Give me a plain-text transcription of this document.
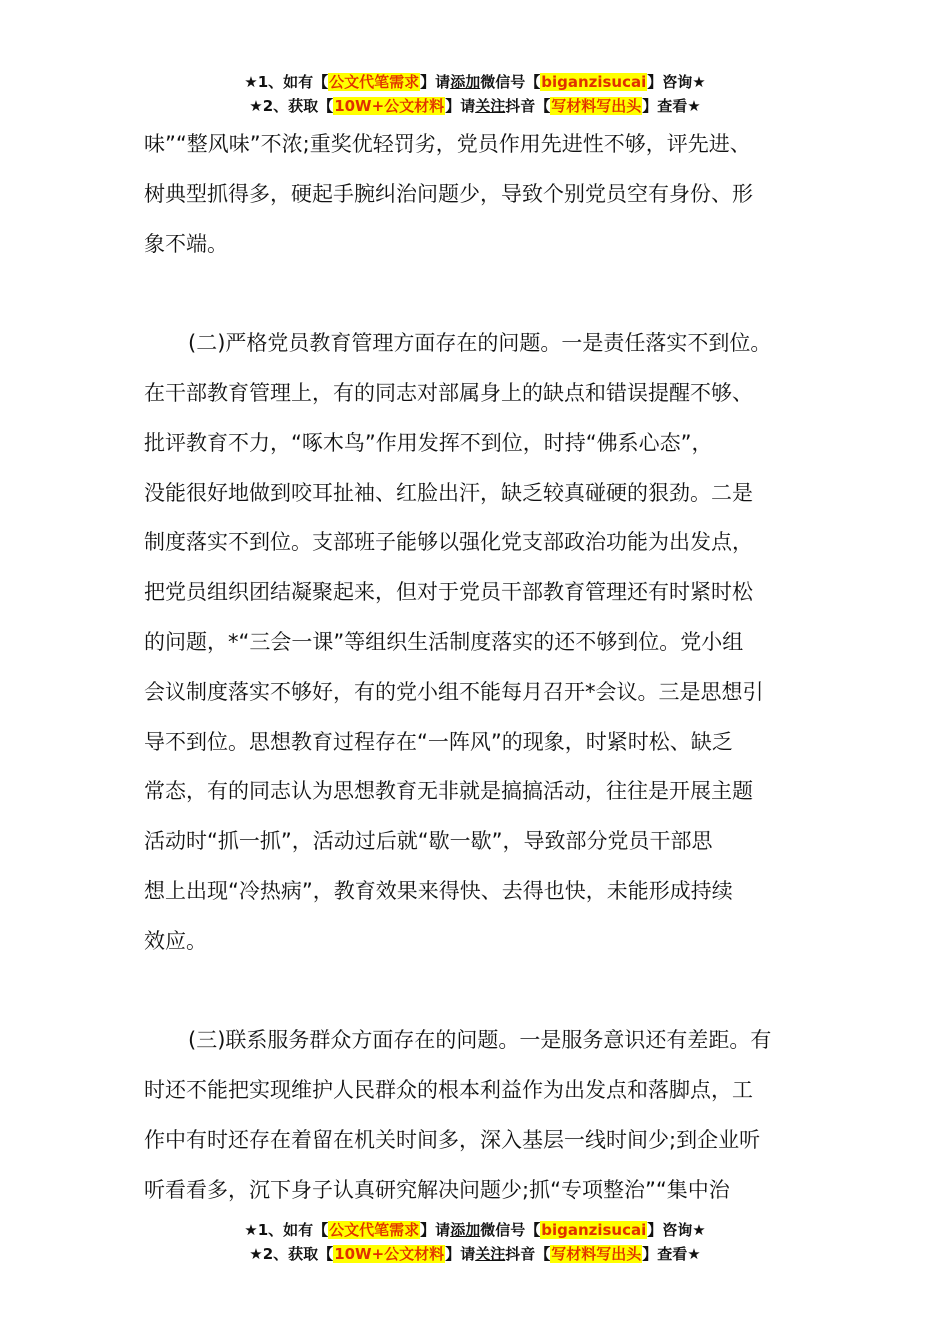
★1、如有【公文代笔需求】请添加微信号【biganzisucai】咨询★
★2、获取【10W+公文材料】请关注抖音【写材料写出头】查看★
味”“整风味”不浓;重奖优轻罚劣，党员作用先进性不够，评先进、
树典型抓得多，硬起手腕纠治问题少，导致个别党员空有身份、形
象不端。
(二)严格党员教育管理方面存在的问题。一是责任落实不到位。
在干部教育管理上，有的同志对部属身上的缺点和错误提醒不够、
批评教育不力，“啄木鸟”作用发挥不到位，时持“佛系心态”，
没能很好地做到咬耳扯袖、红脸出汗，缺乏较真碰硬的狠劲。二是
制度落实不到位。支部班子能够以强化党支部政治功能为出发点，
把党员组织团结凝聚起来，但对于党员干部教育管理还有时紧时松
的问题，*“三会一课”等组织生活制度落实的还不够到位。党小组
会议制度落实不够好，有的党小组不能每月召开*会议。三是思想引
导不到位。思想教育过程存在“一阵风”的现象，时紧时松、缺乏
常态，有的同志认为思想教育无非就是搞搞活动，往往是开展主题
活动时“抓一抓”，活动过后就“歇一歇”，导致部分党员干部思
想上出现“冷热病”，教育效果来得快、去得也快，未能形成持续
效应。
(三)联系服务群众方面存在的问题。一是服务意识还有差距。有
时还不能把实现维护人民群众的根本利益作为出发点和落脚点，工
作中有时还存在着留在机关时间多，深入基层一线时间少;到企业听
听看看多，沉下身子认真研究解决问题少;抓“专项整治”“集中治
★1、如有【公文代笔需求】请添加微信号【biganzisucai】咨询★
★2、获取【10W+公文材料】请关注抖音【写材料写出头】查看★
